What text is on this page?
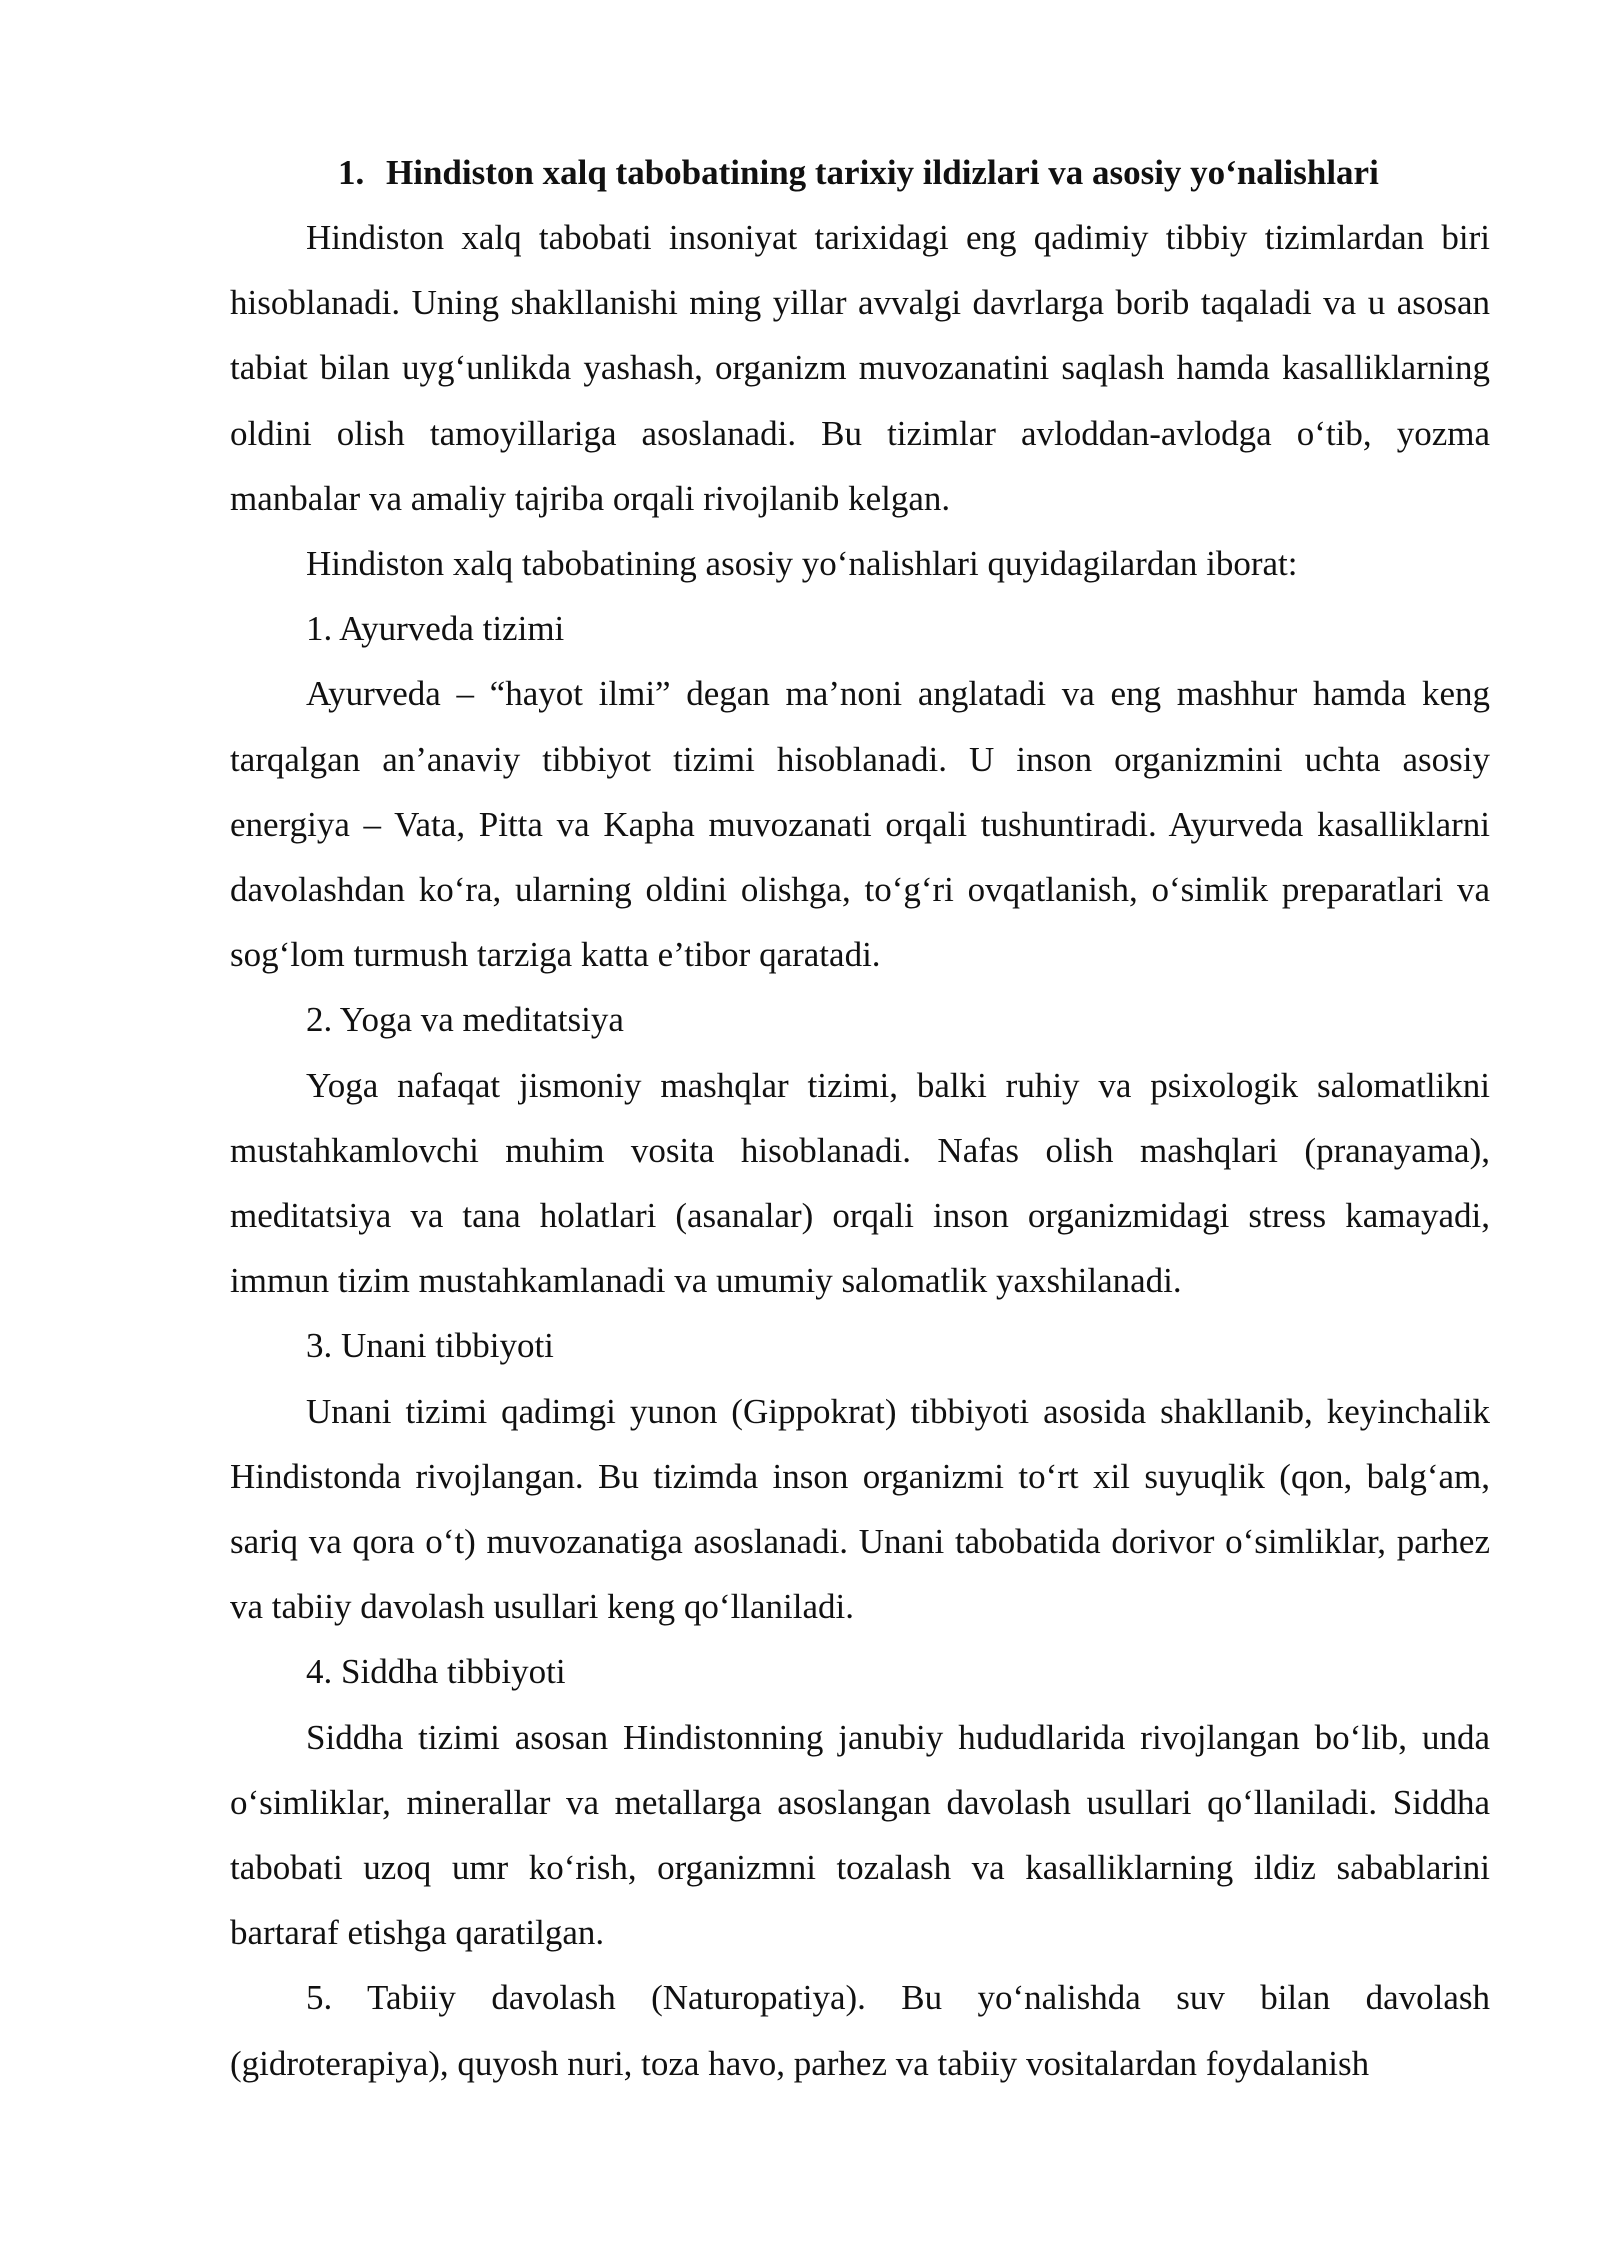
1. Hindiston xalq tabobatining tarixiy ildizlari va asosiy yo‘nalishlari

Hindiston xalq tabobati insoniyat tarixidagi eng qadimiy tibbiy tizimlardan biri hisoblanadi. Uning shakllanishi ming yillar avvalgi davrlarga borib taqaladi va u asosan tabiat bilan uyg‘unlikda yashash, organizm muvozanatini saqlash hamda kasalliklarning oldini olish tamoyillariga asoslanadi. Bu tizimlar avloddan-avlodga o‘tib, yozma manbalar va amaliy tajriba orqali rivojlanib kelgan.

Hindiston xalq tabobatining asosiy yo‘nalishlari quyidagilardan iborat:

1. Ayurveda tizimi

Ayurveda – “hayot ilmi” degan ma’noni anglatadi va eng mashhur hamda keng tarqalgan an’anaviy tibbiyot tizimi hisoblanadi. U inson organizmini uchta asosiy energiya – Vata, Pitta va Kapha muvozanati orqali tushuntiradi. Ayurveda kasalliklarni davolashdan ko‘ra, ularning oldini olishga, to‘g‘ri ovqatlanish, o‘simlik preparatlari va sog‘lom turmush tarziga katta e’tibor qaratadi.

2. Yoga va meditatsiya

Yoga nafaqat jismoniy mashqlar tizimi, balki ruhiy va psixologik salomatlikni mustahkamlovchi muhim vosita hisoblanadi. Nafas olish mashqlari (pranayama), meditatsiya va tana holatlari (asanalar) orqali inson organizmidagi stress kamayadi, immun tizim mustahkamlanadi va umumiy salomatlik yaxshilanadi.

3. Unani tibbiyoti

Unani tizimi qadimgi yunon (Gippokrat) tibbiyoti asosida shakllanib, keyinchalik Hindistonda rivojlangan. Bu tizimda inson organizmi to‘rt xil suyuqlik (qon, balg‘am, sariq va qora o‘t) muvozanatiga asoslanadi. Unani tabobatida dorivor o‘simliklar, parhez va tabiiy davolash usullari keng qo‘llaniladi.

4. Siddha tibbiyoti

Siddha tizimi asosan Hindistonning janubiy hududlarida rivojlangan bo‘lib, unda o‘simliklar, minerallar va metallarga asoslangan davolash usullari qo‘llaniladi. Siddha tabobati uzoq umr ko‘rish, organizmni tozalash va kasalliklarning ildiz sabablarini bartaraf etishga qaratilgan.

5. Tabiiy davolash (Naturopatiya). Bu yo‘nalishda suv bilan davolash (gidroterapiya), quyosh nuri, toza havo, parhez va tabiiy vositalardan foydalanish
